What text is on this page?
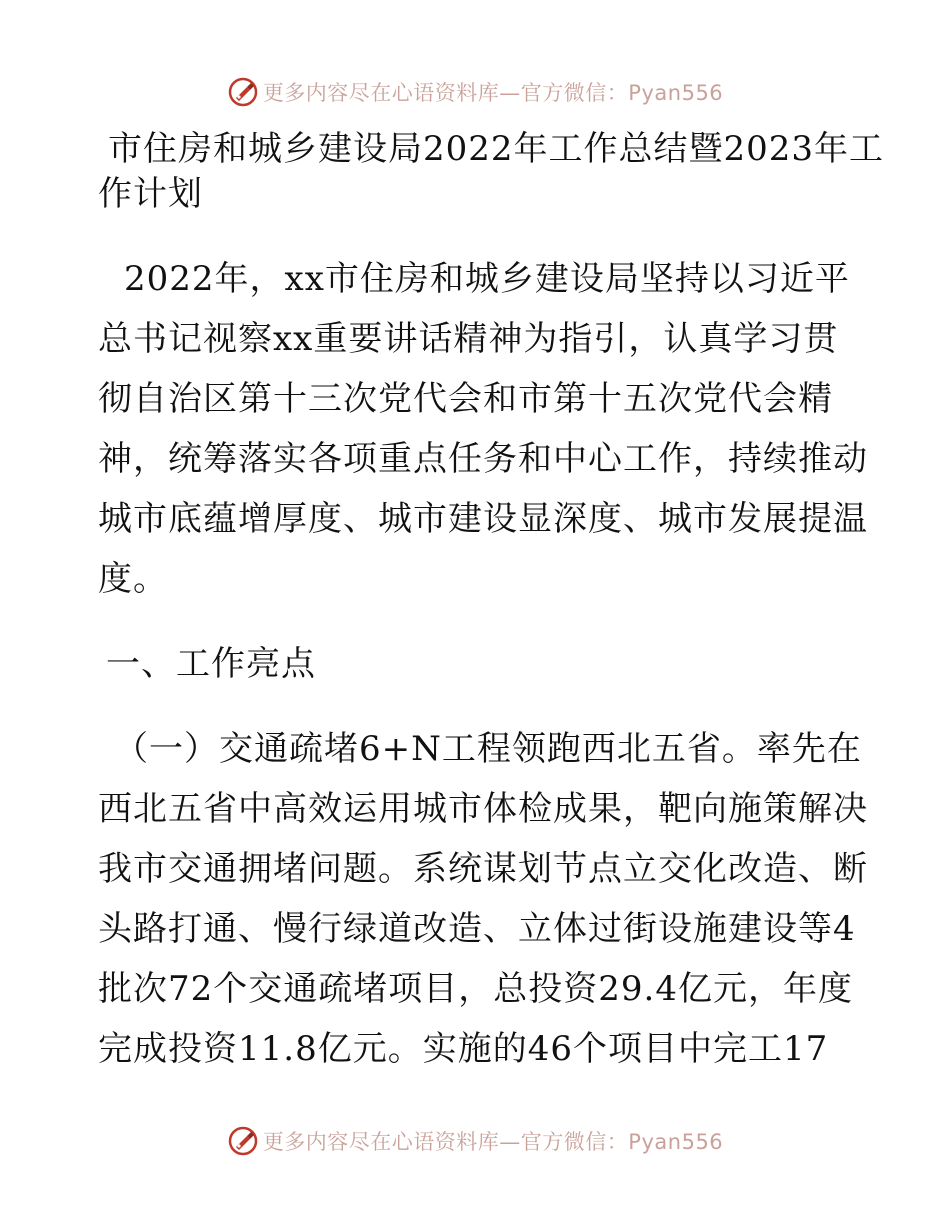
更多内容尽在心语资料库—官方微信：Pyan556
市住房和城乡建设局2022年工作总结暨2023年工
作计划
2022年，xx市住房和城乡建设局坚持以习近平
总书记视察xx重要讲话精神为指引，认真学习贯
彻自治区第十三次党代会和市第十五次党代会精
神，统筹落实各项重点任务和中心工作，持续推动
城市底蕴增厚度、城市建设显深度、城市发展提温
度。
一、工作亮点
（一）交通疏堵6+N工程领跑西北五省。率先在
西北五省中高效运用城市体检成果，靶向施策解决
我市交通拥堵问题。系统谋划节点立交化改造、断
头路打通、慢行绿道改造、立体过街设施建设等4
批次72个交通疏堵项目，总投资29.4亿元，年度
完成投资11.8亿元。实施的46个项目中完工17
更多内容尽在心语资料库—官方微信：Pyan556
